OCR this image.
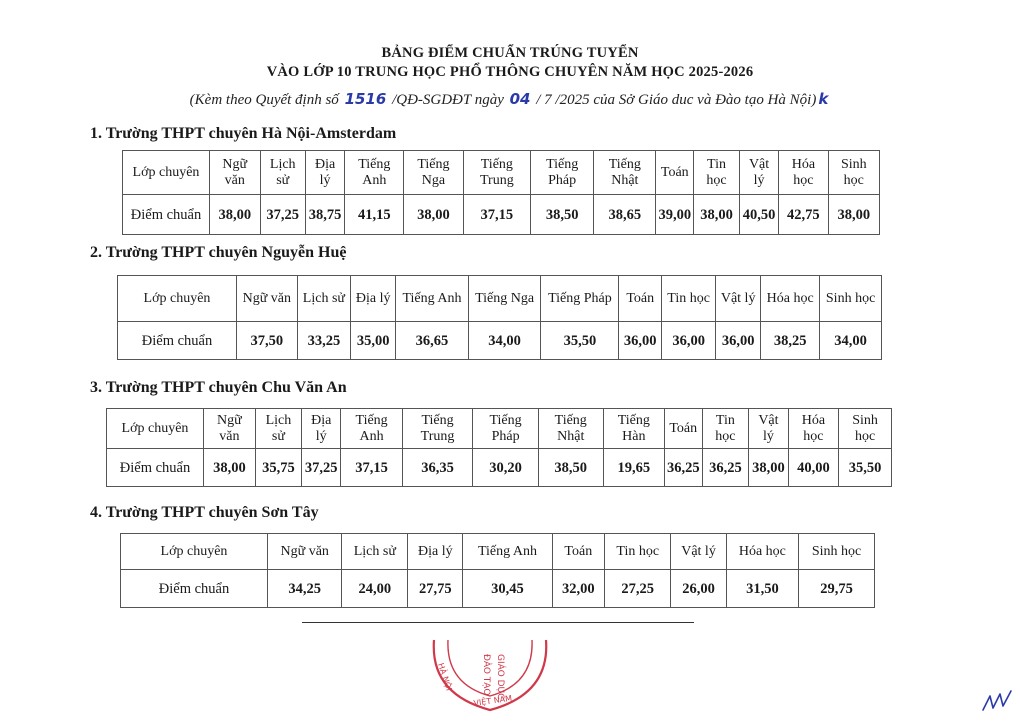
BẢNG ĐIỂM CHUẨN TRÚNG TUYỂN
VÀO LỚP 10 TRUNG HỌC PHỔ THÔNG CHUYÊN NĂM HỌC 2025-2026
(Kèm theo Quyết định số 1516 /QĐ-SGDĐT ngày 04 / 7 /2025 của Sở Giáo duc và Đào tạo Hà Nội) k
1. Trường THPT chuyên Hà Nội-Amsterdam
Lớp chuyên	Ngữ văn	Lịch sử	Địa lý	Tiếng Anh	Tiếng Nga	Tiếng Trung	Tiếng Pháp	Tiếng Nhật	Toán	Tin học	Vật lý	Hóa học	Sinh học
Điểm chuẩn	38,00	37,25	38,75	41,15	38,00	37,15	38,50	38,65	39,00	38,00	40,50	42,75	38,00
2. Trường THPT chuyên Nguyễn Huệ
Lớp chuyên	Ngữ văn	Lịch sử	Địa lý	Tiếng Anh	Tiếng Nga	Tiếng Pháp	Toán	Tin học	Vật lý	Hóa học	Sinh học
Điểm chuẩn	37,50	33,25	35,00	36,65	34,00	35,50	36,00	36,00	36,00	38,25	34,00
3. Trường THPT chuyên Chu Văn An
Lớp chuyên	Ngữ văn	Lịch sử	Địa lý	Tiếng Anh	Tiếng Trung	Tiếng Pháp	Tiếng Nhật	Tiếng Hàn	Toán	Tin học	Vật lý	Hóa học	Sinh học
Điểm chuẩn	38,00	35,75	37,25	37,15	36,35	30,20	38,50	19,65	36,25	36,25	38,00	40,00	35,50
4. Trường THPT chuyên Sơn Tây
Lớp chuyên	Ngữ văn	Lịch sử	Địa lý	Tiếng Anh	Toán	Tin học	Vật lý	Hóa học	Sinh học
Điểm chuẩn	34,25	24,00	27,75	30,45	32,00	27,25	26,00	31,50	29,75
HÀ NỘI
VIỆT NAM
ĐÀO TẠO GIÁO DỤC
